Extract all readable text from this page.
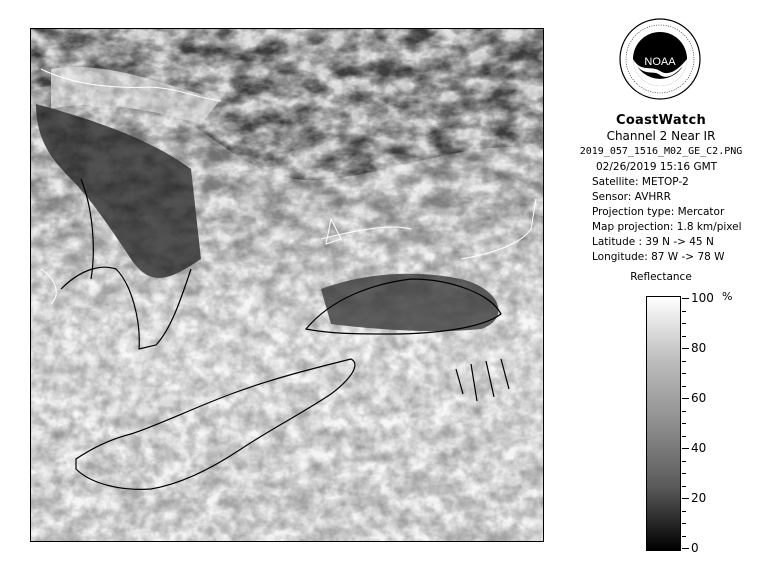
NOAA
CoastWatch
Channel 2 Near IR
2019_057_1516_M02_GE_C2.PNG
02/26/2019 15:16 GMT
Satellite: METOP-2
Sensor: AVHRR
Projection type: Mercator
Map projection: 1.8 km/pixel
Latitude : 39 N -> 45 N
Longitude: 87 W -> 78 W
Reflectance
%
100
80
60
40
20
0
